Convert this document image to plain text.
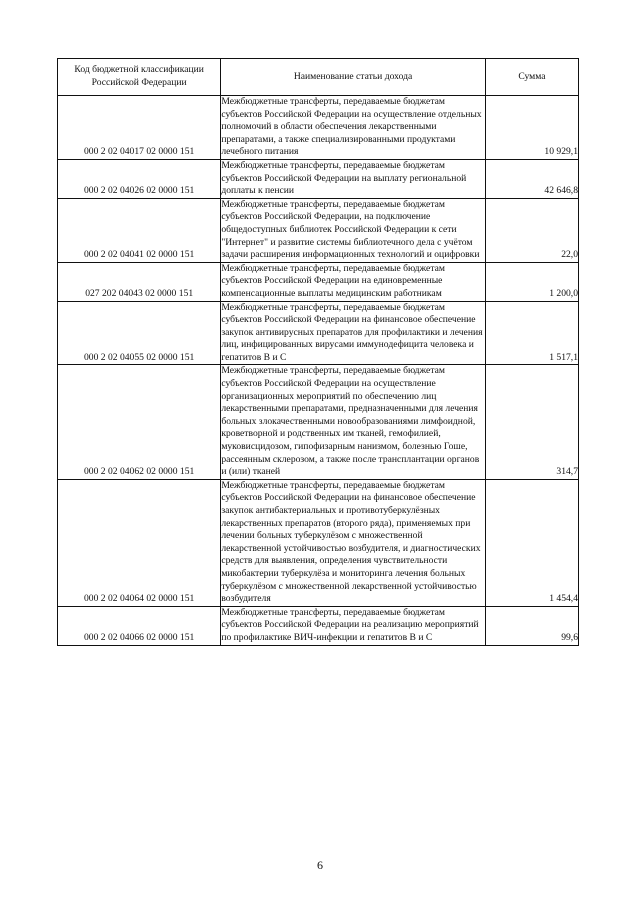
Код бюджетной классификации Российской Федерации	Наименование статьи дохода	Сумма
000 2 02 04017 02 0000 151	Межбюджетные трансферты, передаваемые бюджетам субъектов Российской Федерации на осуществление отдельных полномочий в области обеспечения лекарственными препаратами, а также специализированными продуктами лечебного питания	10 929,1
000 2 02 04026 02 0000 151	Межбюджетные трансферты, передаваемые бюджетам субъектов Российской Федерации на выплату региональной доплаты к пенсии	42 646,8
000 2 02 04041 02 0000 151	Межбюджетные трансферты, передаваемые бюджетам субъектов Российской Федерации, на подключение общедоступных библиотек Российской Федерации к сети "Интернет" и развитие системы библиотечного дела с учётом задачи расширения информационных технологий и оцифровки	22,0
027 202 04043 02 0000 151	Межбюджетные трансферты, передаваемые бюджетам субъектов Российской Федерации на единовременные компенсационные выплаты медицинским работникам	1 200,0
000 2 02 04055 02 0000 151	Межбюджетные трансферты, передаваемые бюджетам субъектов Российской Федерации на финансовое обеспечение закупок антивирусных препаратов для профилактики и лечения лиц, инфицированных вирусами иммунодефицита человека и гепатитов B и C	1 517,1
000 2 02 04062 02 0000 151	Межбюджетные трансферты, передаваемые бюджетам субъектов Российской Федерации на осуществление организационных мероприятий по обеспечению лиц лекарственными препаратами, предназначенными для лечения больных злокачественными новообразованиями лимфоидной, кроветворной и родственных им тканей, гемофилией, муковисцидозом, гипофизарным нанизмом, болезнью Гоше, рассеянным склерозом, а также после трансплантации органов и (или) тканей	314,7
000 2 02 04064 02 0000 151	Межбюджетные трансферты, передаваемые бюджетам субъектов Российской Федерации на финансовое обеспечение закупок антибактериальных и противотуберкулёзных лекарственных препаратов (второго ряда), применяемых при лечении больных туберкулёзом с множественной лекарственной устойчивостью возбудителя, и диагностических средств для выявления, определения чувствительности микобактерии туберкулёза и мониторинга лечения больных туберкулёзом с множественной лекарственной устойчивостью возбудителя	1 454,4
000 2 02 04066 02 0000 151	Межбюджетные трансферты, передаваемые бюджетам субъектов Российской Федерации на реализацию мероприятий по профилактике ВИЧ-инфекции и гепатитов B и C	99,6
6
